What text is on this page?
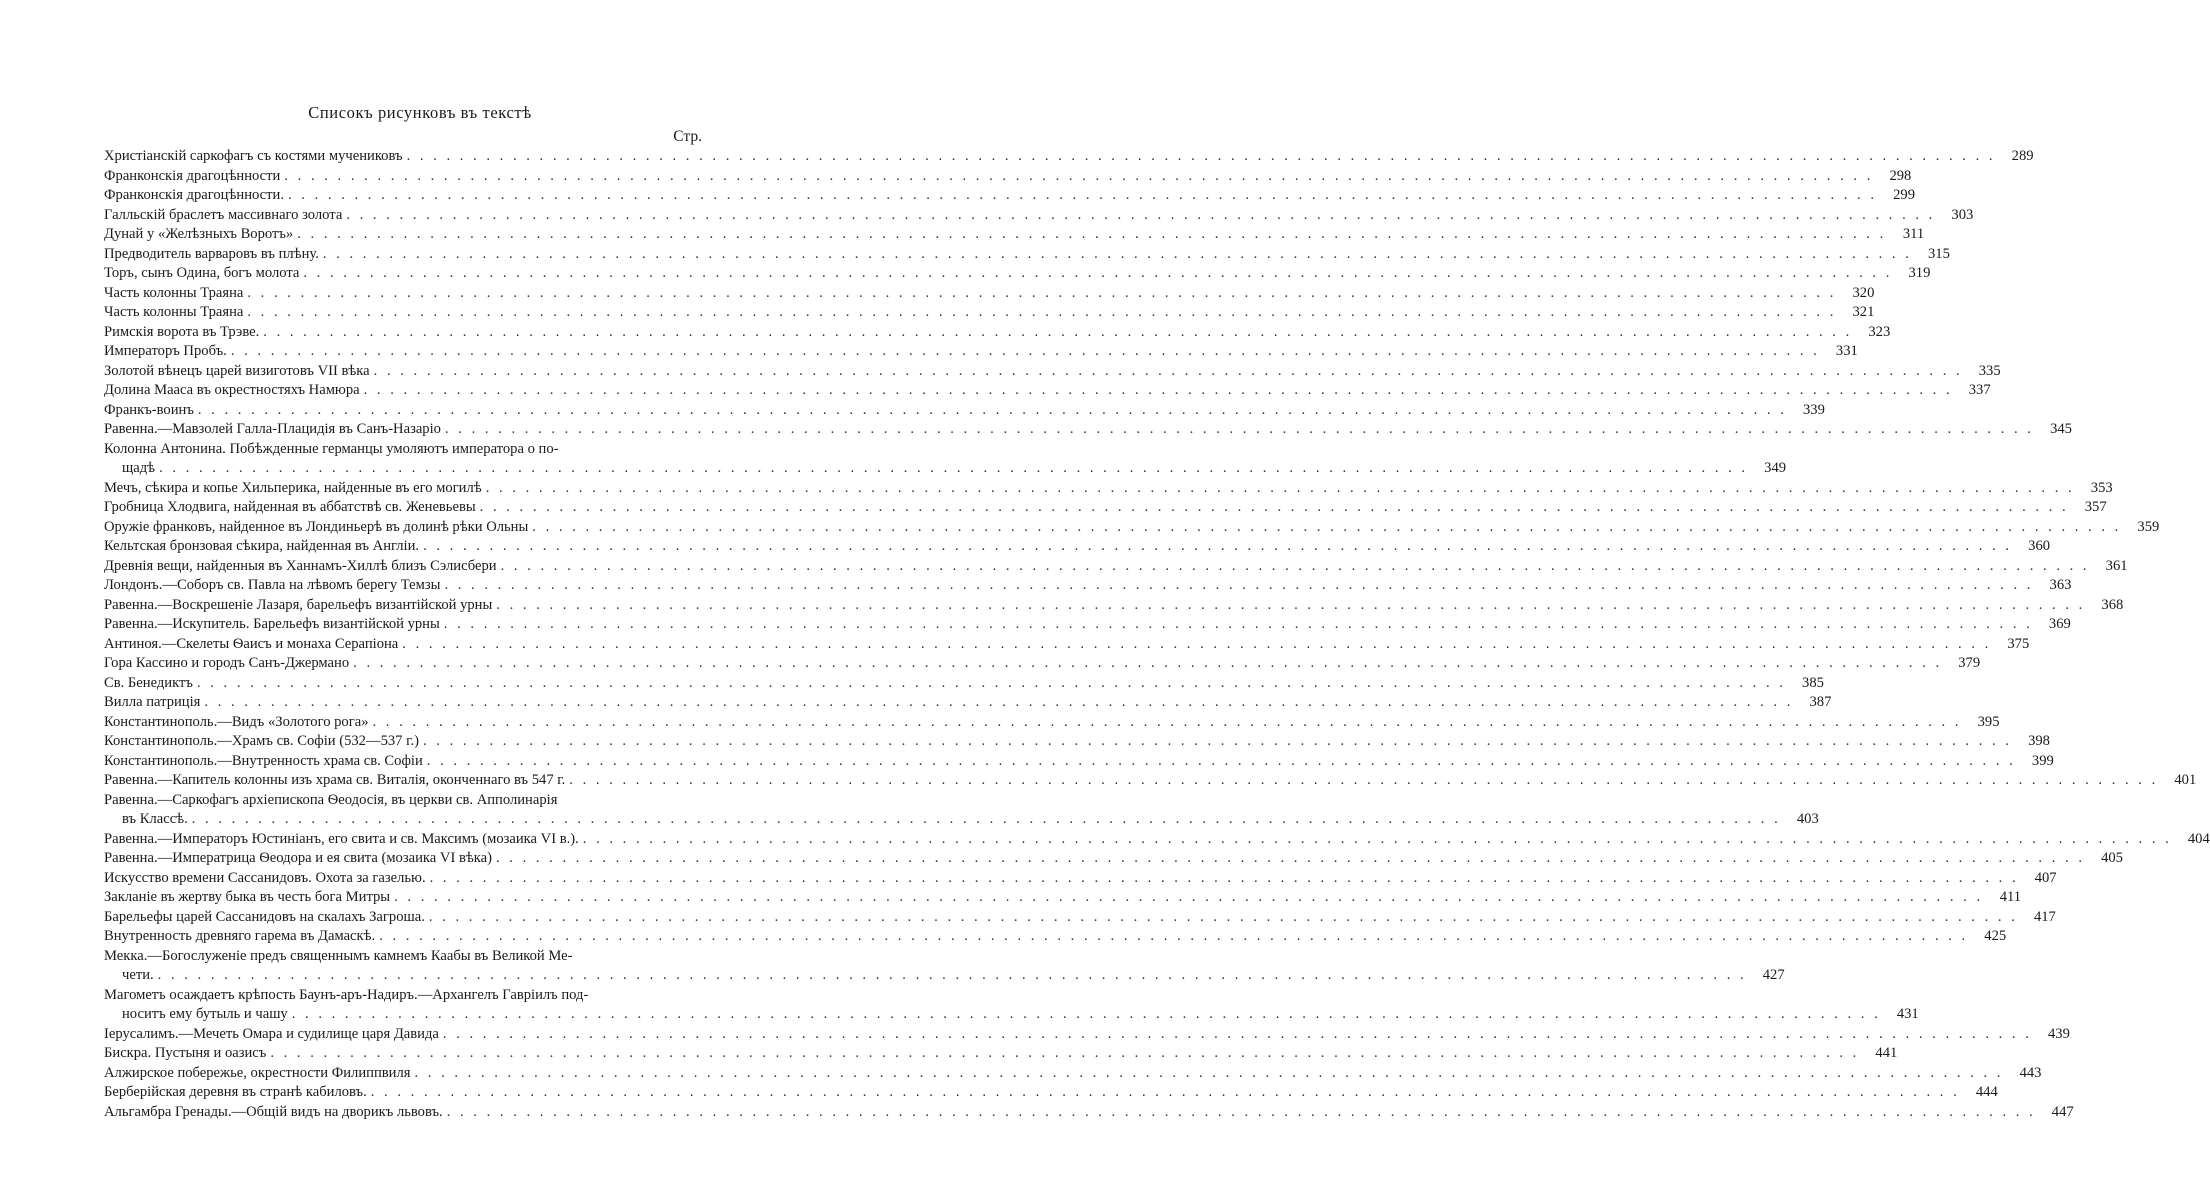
Списокъ рисунковъ въ текстѣ
Стр.
Христіанскій саркофагъ съ костями мучениковъ . . . . . . . . . . . . . . . . . . . . . . . . . . . . . . . . . . . . . . . . . . . . . . . . . . . . . . . . . . . . . . . . . . . . . . . . . . . . . . . . . . . . . . . . . . . . . . . . . . . . . . . . . . . . . . . . . . . . . . . .	289
Франконскія драгоцѣнности . . . . . . . . . . . . . . . . . . . . . . . . . . . . . . . . . . . . . . . . . . . . . . . . . . . . . . . . . . . . . . . . . . . . . . . . . . . . . . . . . . . . . . . . . . . . . . . . . . . . . . . . . . . . . . . . . . . . . . . .	298
Франконскія драгоцѣнности. . . . . . . . . . . . . . . . . . . . . . . . . . . . . . . . . . . . . . . . . . . . . . . . . . . . . . . . . . . . . . . . . . . . . . . . . . . . . . . . . . . . . . . . . . . . . . . . . . . . . . . . . . . . . . . . . . . . . . . . .	299
Галльскій браслетъ массивнаго золота . . . . . . . . . . . . . . . . . . . . . . . . . . . . . . . . . . . . . . . . . . . . . . . . . . . . . . . . . . . . . . . . . . . . . . . . . . . . . . . . . . . . . . . . . . . . . . . . . . . . . . . . . . . . . . . . . . . . . . . .	303
Дунай у «Желѣзныхъ Воротъ» . . . . . . . . . . . . . . . . . . . . . . . . . . . . . . . . . . . . . . . . . . . . . . . . . . . . . . . . . . . . . . . . . . . . . . . . . . . . . . . . . . . . . . . . . . . . . . . . . . . . . . . . . . . . . . . . . . . . . . . .	311
Предводитель варваровъ въ плѣну. . . . . . . . . . . . . . . . . . . . . . . . . . . . . . . . . . . . . . . . . . . . . . . . . . . . . . . . . . . . . . . . . . . . . . . . . . . . . . . . . . . . . . . . . . . . . . . . . . . . . . . . . . . . . . . . . . . . . . . . .	315
Торъ, сынъ Одина, богъ молота . . . . . . . . . . . . . . . . . . . . . . . . . . . . . . . . . . . . . . . . . . . . . . . . . . . . . . . . . . . . . . . . . . . . . . . . . . . . . . . . . . . . . . . . . . . . . . . . . . . . . . . . . . . . . . . . . . . . . . . .	319
Часть колонны Траяна . . . . . . . . . . . . . . . . . . . . . . . . . . . . . . . . . . . . . . . . . . . . . . . . . . . . . . . . . . . . . . . . . . . . . . . . . . . . . . . . . . . . . . . . . . . . . . . . . . . . . . . . . . . . . . . . . . . . . . . .	320
Часть колонны Траяна . . . . . . . . . . . . . . . . . . . . . . . . . . . . . . . . . . . . . . . . . . . . . . . . . . . . . . . . . . . . . . . . . . . . . . . . . . . . . . . . . . . . . . . . . . . . . . . . . . . . . . . . . . . . . . . . . . . . . . . .	321
Римскія ворота въ Трэве. . . . . . . . . . . . . . . . . . . . . . . . . . . . . . . . . . . . . . . . . . . . . . . . . . . . . . . . . . . . . . . . . . . . . . . . . . . . . . . . . . . . . . . . . . . . . . . . . . . . . . . . . . . . . . . . . . . . . . . . .	323
Императоръ Пробъ. . . . . . . . . . . . . . . . . . . . . . . . . . . . . . . . . . . . . . . . . . . . . . . . . . . . . . . . . . . . . . . . . . . . . . . . . . . . . . . . . . . . . . . . . . . . . . . . . . . . . . . . . . . . . . . . . . . . . . . . .	331
Золотой вѣнецъ царей визиготовъ VII вѣка . . . . . . . . . . . . . . . . . . . . . . . . . . . . . . . . . . . . . . . . . . . . . . . . . . . . . . . . . . . . . . . . . . . . . . . . . . . . . . . . . . . . . . . . . . . . . . . . . . . . . . . . . . . . . . . . . . . . . . . .	335
Долина Мааса въ окрестностяхъ Намюра . . . . . . . . . . . . . . . . . . . . . . . . . . . . . . . . . . . . . . . . . . . . . . . . . . . . . . . . . . . . . . . . . . . . . . . . . . . . . . . . . . . . . . . . . . . . . . . . . . . . . . . . . . . . . . . . . . . . . . . .	337
Франкъ-воинъ . . . . . . . . . . . . . . . . . . . . . . . . . . . . . . . . . . . . . . . . . . . . . . . . . . . . . . . . . . . . . . . . . . . . . . . . . . . . . . . . . . . . . . . . . . . . . . . . . . . . . . . . . . . . . . . . . . . . . . . .	339
Равенна.—Мавзолей Галла-Плацидія въ Санъ-Назаріо . . . . . . . . . . . . . . . . . . . . . . . . . . . . . . . . . . . . . . . . . . . . . . . . . . . . . . . . . . . . . . . . . . . . . . . . . . . . . . . . . . . . . . . . . . . . . . . . . . . . . . . . . . . . . . . . . . . . . . . .	345
Колонна Антонина. Побѣжденные германцы умоляютъ императора о по-
щадѣ . . . . . . . . . . . . . . . . . . . . . . . . . . . . . . . . . . . . . . . . . . . . . . . . . . . . . . . . . . . . . . . . . . . . . . . . . . . . . . . . . . . . . . . . . . . . . . . . . . . . . . . . . . . . . . . . . . . . . . . .	349
Мечъ, сѣкира и копье Хильперика, найденные въ его могилѣ . . . . . . . . . . . . . . . . . . . . . . . . . . . . . . . . . . . . . . . . . . . . . . . . . . . . . . . . . . . . . . . . . . . . . . . . . . . . . . . . . . . . . . . . . . . . . . . . . . . . . . . . . . . . . . . . . . . . . . . .	353
Гробница Хлодвига, найденная въ аббатствѣ св. Женевьевы . . . . . . . . . . . . . . . . . . . . . . . . . . . . . . . . . . . . . . . . . . . . . . . . . . . . . . . . . . . . . . . . . . . . . . . . . . . . . . . . . . . . . . . . . . . . . . . . . . . . . . . . . . . . . . . . . . . . . . . .	357
Оружіе франковъ, найденное въ Лондиньерѣ въ долинѣ рѣки Ольны . . . . . . . . . . . . . . . . . . . . . . . . . . . . . . . . . . . . . . . . . . . . . . . . . . . . . . . . . . . . . . . . . . . . . . . . . . . . . . . . . . . . . . . . . . . . . . . . . . . . . . . . . . . . . . . . . . . . . . . .	359
Кельтская бронзовая сѣкира, найденная въ Англіи. . . . . . . . . . . . . . . . . . . . . . . . . . . . . . . . . . . . . . . . . . . . . . . . . . . . . . . . . . . . . . . . . . . . . . . . . . . . . . . . . . . . . . . . . . . . . . . . . . . . . . . . . . . . . . . . . . . . . . . . .	360
Древнія вещи, найденныя въ Ханнамъ-Хиллѣ близъ Сэлисбери . . . . . . . . . . . . . . . . . . . . . . . . . . . . . . . . . . . . . . . . . . . . . . . . . . . . . . . . . . . . . . . . . . . . . . . . . . . . . . . . . . . . . . . . . . . . . . . . . . . . . . . . . . . . . . . . . . . . . . . .	361
Лондонъ.—Соборъ св. Павла на лѣвомъ берегу Темзы . . . . . . . . . . . . . . . . . . . . . . . . . . . . . . . . . . . . . . . . . . . . . . . . . . . . . . . . . . . . . . . . . . . . . . . . . . . . . . . . . . . . . . . . . . . . . . . . . . . . . . . . . . . . . . . . . . . . . . . .	363
Равенна.—Воскрешеніе Лазаря, барельефъ византійской урны . . . . . . . . . . . . . . . . . . . . . . . . . . . . . . . . . . . . . . . . . . . . . . . . . . . . . . . . . . . . . . . . . . . . . . . . . . . . . . . . . . . . . . . . . . . . . . . . . . . . . . . . . . . . . . . . . . . . . . . .	368
Равенна.—Искупитель. Барельефъ византійской урны . . . . . . . . . . . . . . . . . . . . . . . . . . . . . . . . . . . . . . . . . . . . . . . . . . . . . . . . . . . . . . . . . . . . . . . . . . . . . . . . . . . . . . . . . . . . . . . . . . . . . . . . . . . . . . . . . . . . . . . .	369
Антиноя.—Скелеты Ѳаисъ и монаха Серапіона . . . . . . . . . . . . . . . . . . . . . . . . . . . . . . . . . . . . . . . . . . . . . . . . . . . . . . . . . . . . . . . . . . . . . . . . . . . . . . . . . . . . . . . . . . . . . . . . . . . . . . . . . . . . . . . . . . . . . . . .	375
Гора Кассино и городъ Санъ-Джермано . . . . . . . . . . . . . . . . . . . . . . . . . . . . . . . . . . . . . . . . . . . . . . . . . . . . . . . . . . . . . . . . . . . . . . . . . . . . . . . . . . . . . . . . . . . . . . . . . . . . . . . . . . . . . . . . . . . . . . . .	379
Св. Бенедиктъ . . . . . . . . . . . . . . . . . . . . . . . . . . . . . . . . . . . . . . . . . . . . . . . . . . . . . . . . . . . . . . . . . . . . . . . . . . . . . . . . . . . . . . . . . . . . . . . . . . . . . . . . . . . . . . . . . . . . . . . .	385
Вилла патриція . . . . . . . . . . . . . . . . . . . . . . . . . . . . . . . . . . . . . . . . . . . . . . . . . . . . . . . . . . . . . . . . . . . . . . . . . . . . . . . . . . . . . . . . . . . . . . . . . . . . . . . . . . . . . . . . . . . . . . . .	387
Константинополь.—Видъ «Золотого рога» . . . . . . . . . . . . . . . . . . . . . . . . . . . . . . . . . . . . . . . . . . . . . . . . . . . . . . . . . . . . . . . . . . . . . . . . . . . . . . . . . . . . . . . . . . . . . . . . . . . . . . . . . . . . . . . . . . . . . . . .	395
Константинополь.—Храмъ св. Софіи (532—537 г.) . . . . . . . . . . . . . . . . . . . . . . . . . . . . . . . . . . . . . . . . . . . . . . . . . . . . . . . . . . . . . . . . . . . . . . . . . . . . . . . . . . . . . . . . . . . . . . . . . . . . . . . . . . . . . . . . . . . . . . . .	398
Константинополь.—Внутренность храма св. Софіи . . . . . . . . . . . . . . . . . . . . . . . . . . . . . . . . . . . . . . . . . . . . . . . . . . . . . . . . . . . . . . . . . . . . . . . . . . . . . . . . . . . . . . . . . . . . . . . . . . . . . . . . . . . . . . . . . . . . . . . .	399
Равенна.—Капитель колонны изъ храма св. Виталія, оконченнаго въ 547 г. . . . . . . . . . . . . . . . . . . . . . . . . . . . . . . . . . . . . . . . . . . . . . . . . . . . . . . . . . . . . . . . . . . . . . . . . . . . . . . . . . . . . . . . . . . . . . . . . . . . . . . . . . . . . . . . . . . . . . . . .	401
Равенна.—Саркофагъ архіепископа Ѳеодосія, въ церкви св. Апполинарія
въ Классѣ. . . . . . . . . . . . . . . . . . . . . . . . . . . . . . . . . . . . . . . . . . . . . . . . . . . . . . . . . . . . . . . . . . . . . . . . . . . . . . . . . . . . . . . . . . . . . . . . . . . . . . . . . . . . . . . . . . . . . . . . .	403
Равенна.—Императоръ Юстиніанъ, его свита и св. Максимъ (мозаика VI в.). . . . . . . . . . . . . . . . . . . . . . . . . . . . . . . . . . . . . . . . . . . . . . . . . . . . . . . . . . . . . . . . . . . . . . . . . . . . . . . . . . . . . . . . . . . . . . . . . . . . . . . . . . . . . . . . . . . . . . . . .	404
Равенна.—Императрица Ѳеодора и ея свита (мозаика VI вѣка) . . . . . . . . . . . . . . . . . . . . . . . . . . . . . . . . . . . . . . . . . . . . . . . . . . . . . . . . . . . . . . . . . . . . . . . . . . . . . . . . . . . . . . . . . . . . . . . . . . . . . . . . . . . . . . . . . . . . . . . .	405
Искусство времени Сассанидовъ. Охота за газелью. . . . . . . . . . . . . . . . . . . . . . . . . . . . . . . . . . . . . . . . . . . . . . . . . . . . . . . . . . . . . . . . . . . . . . . . . . . . . . . . . . . . . . . . . . . . . . . . . . . . . . . . . . . . . . . . . . . . . . . . .	407
Закланіе въ жертву быка въ честь бога Митры . . . . . . . . . . . . . . . . . . . . . . . . . . . . . . . . . . . . . . . . . . . . . . . . . . . . . . . . . . . . . . . . . . . . . . . . . . . . . . . . . . . . . . . . . . . . . . . . . . . . . . . . . . . . . . . . . . . . . . . .	411
Барельефы царей Сассанидовъ на скалахъ Загроша. . . . . . . . . . . . . . . . . . . . . . . . . . . . . . . . . . . . . . . . . . . . . . . . . . . . . . . . . . . . . . . . . . . . . . . . . . . . . . . . . . . . . . . . . . . . . . . . . . . . . . . . . . . . . . . . . . . . . . . . .	417
Внутренность древняго гарема въ Дамаскѣ. . . . . . . . . . . . . . . . . . . . . . . . . . . . . . . . . . . . . . . . . . . . . . . . . . . . . . . . . . . . . . . . . . . . . . . . . . . . . . . . . . . . . . . . . . . . . . . . . . . . . . . . . . . . . . . . . . . . . . . . .	425
Мекка.—Богослуженіе предъ священнымъ камнемъ Каабы въ Великой Ме-
чети. . . . . . . . . . . . . . . . . . . . . . . . . . . . . . . . . . . . . . . . . . . . . . . . . . . . . . . . . . . . . . . . . . . . . . . . . . . . . . . . . . . . . . . . . . . . . . . . . . . . . . . . . . . . . . . . . . . . . . . . .	427
Магометъ осаждаетъ крѣпость Баунъ-аръ-Надиръ.—Архангелъ Гавріилъ под-
носитъ ему бутыль и чашу . . . . . . . . . . . . . . . . . . . . . . . . . . . . . . . . . . . . . . . . . . . . . . . . . . . . . . . . . . . . . . . . . . . . . . . . . . . . . . . . . . . . . . . . . . . . . . . . . . . . . . . . . . . . . . . . . . . . . . . .	431
Іерусалимъ.—Мечеть Омара и судилище царя Давида . . . . . . . . . . . . . . . . . . . . . . . . . . . . . . . . . . . . . . . . . . . . . . . . . . . . . . . . . . . . . . . . . . . . . . . . . . . . . . . . . . . . . . . . . . . . . . . . . . . . . . . . . . . . . . . . . . . . . . . .	439
Бискра. Пустыня и оазисъ . . . . . . . . . . . . . . . . . . . . . . . . . . . . . . . . . . . . . . . . . . . . . . . . . . . . . . . . . . . . . . . . . . . . . . . . . . . . . . . . . . . . . . . . . . . . . . . . . . . . . . . . . . . . . . . . . . . . . . . .	441
Алжирское побережье, окрестности Филиппвиля . . . . . . . . . . . . . . . . . . . . . . . . . . . . . . . . . . . . . . . . . . . . . . . . . . . . . . . . . . . . . . . . . . . . . . . . . . . . . . . . . . . . . . . . . . . . . . . . . . . . . . . . . . . . . . . . . . . . . . . .	443
Берберійская деревня въ странѣ кабиловъ. . . . . . . . . . . . . . . . . . . . . . . . . . . . . . . . . . . . . . . . . . . . . . . . . . . . . . . . . . . . . . . . . . . . . . . . . . . . . . . . . . . . . . . . . . . . . . . . . . . . . . . . . . . . . . . . . . . . . . . . .	444
Альгамбра Гренады.—Общій видъ на дворикъ львовъ. . . . . . . . . . . . . . . . . . . . . . . . . . . . . . . . . . . . . . . . . . . . . . . . . . . . . . . . . . . . . . . . . . . . . . . . . . . . . . . . . . . . . . . . . . . . . . . . . . . . . . . . . . . . . . . . . . . . . . . . .	447
